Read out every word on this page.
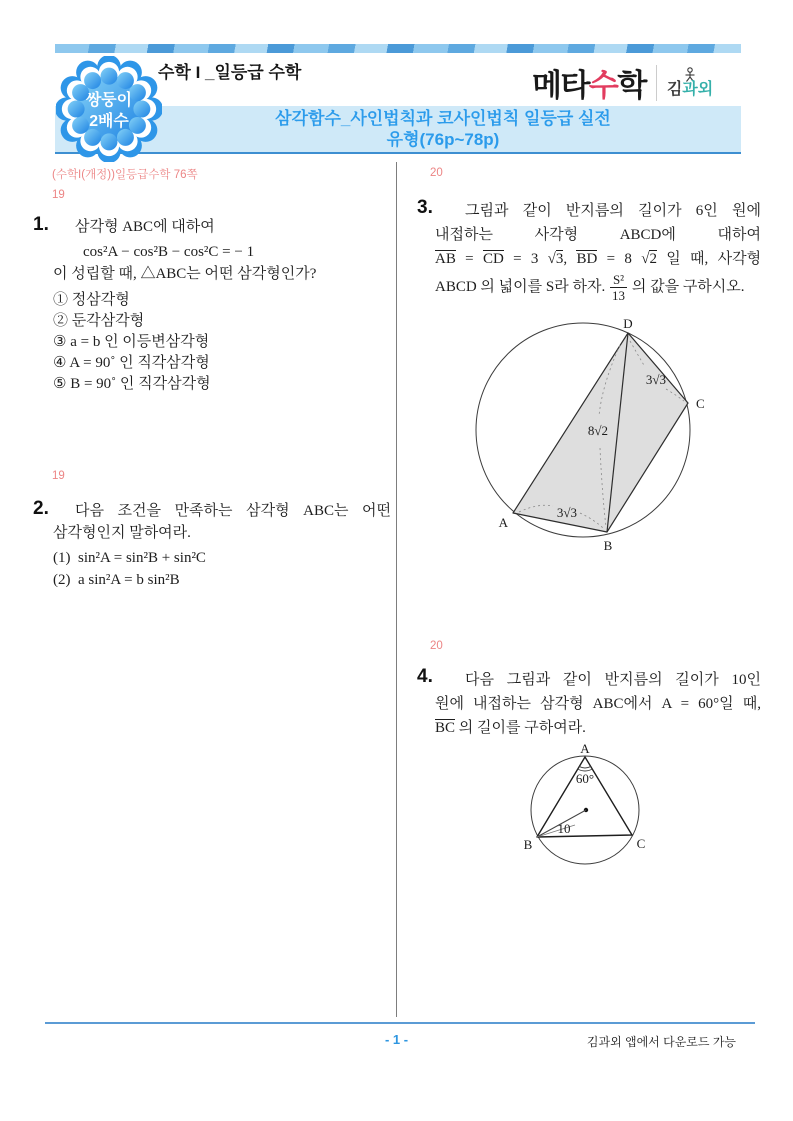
쌍둥이
2배수
수학 I _일등급 수학	메타수학 김과외
삼각함수_사인법칙과 코사인법칙 일등급 실전
유형(76p~78p)
(수학I(개정))일등급수학 76쪽
19
1.	삼각형 ABC에 대하여
cos²A − cos²B − cos²C = − 1
이 성립할 때, △ABC는 어떤 삼각형인가?
① 정삼각형
② 둔각삼각형
③ a = b 인 이등변삼각형
④ A = 90˚ 인 직각삼각형
⑤ B = 90˚ 인 직각삼각형
19
2.	다음 조건을 만족하는 삼각형 ABC는 어떤
삼각형인지 말하여라.
(1) sin²A = sin²B + sin²C
(2) a sin²A = b sin²B
20
3.	그림과 같이 반지름의 길이가 6인 원에
내접하는 사각형 ABCD에 대하여
AB = CD = 3 √3, BD = 8 √2 일 때, 사각형
ABCD 의 넓이를 S라 하자. $\frac{\text{S²}}{13}$ 의 값을 구하시오.
D
C
A
B
3√3
8√2
3√3
20
4.	다음 그림과 같이 반지름의 길이가 10인
원에 내접하는 삼각형 ABC에서 A = 60°일 때,
BC 의 길이를 구하여라.
A
B	C
60°
10
- 1 -	김과외 앱에서 다운로드 가능
